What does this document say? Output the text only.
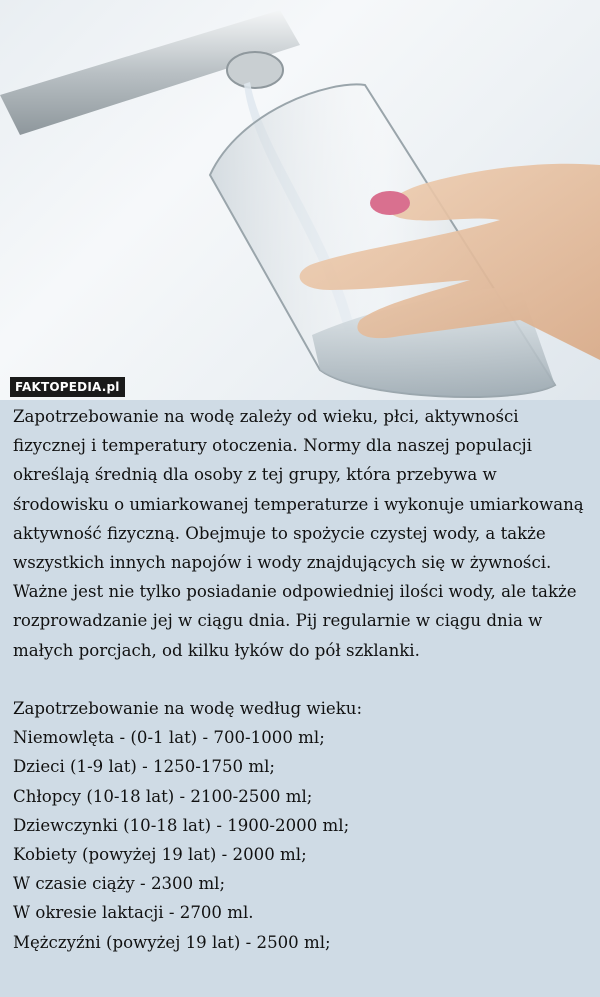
FAKTOPEDIA.pl

Zapotrzebowanie na wodę zależy od wieku, płci, aktywności fizycznej i temperatury otoczenia. Normy dla naszej populacji określają średnią dla osoby z tej grupy, która przebywa w środowisku o umiarkowanej temperaturze i wykonuje umiarkowaną aktywność fizyczną. Obejmuje to spożycie czystej wody, a także wszystkich innych napojów i wody znajdujących się w żywności. Ważne jest nie tylko posiadanie odpowiedniej ilości wody, ale także rozprowadzanie jej w ciągu dnia. Pij regularnie w ciągu dnia w małych porcjach, od kilku łyków do pół szklanki.

Zapotrzebowanie na wodę według wieku:

Niemowlęta - (0-1 lat) - 700-1000 ml;

Dzieci (1-9 lat) - 1250-1750 ml;

Chłopcy (10-18 lat) - 2100-2500 ml;

Dziewczynki (10-18 lat) - 1900-2000 ml;

Kobiety (powyżej 19 lat) - 2000 ml;

W czasie ciąży - 2300 ml;

W okresie laktacji - 2700 ml.

Mężczyźni (powyżej 19 lat) - 2500 ml;
